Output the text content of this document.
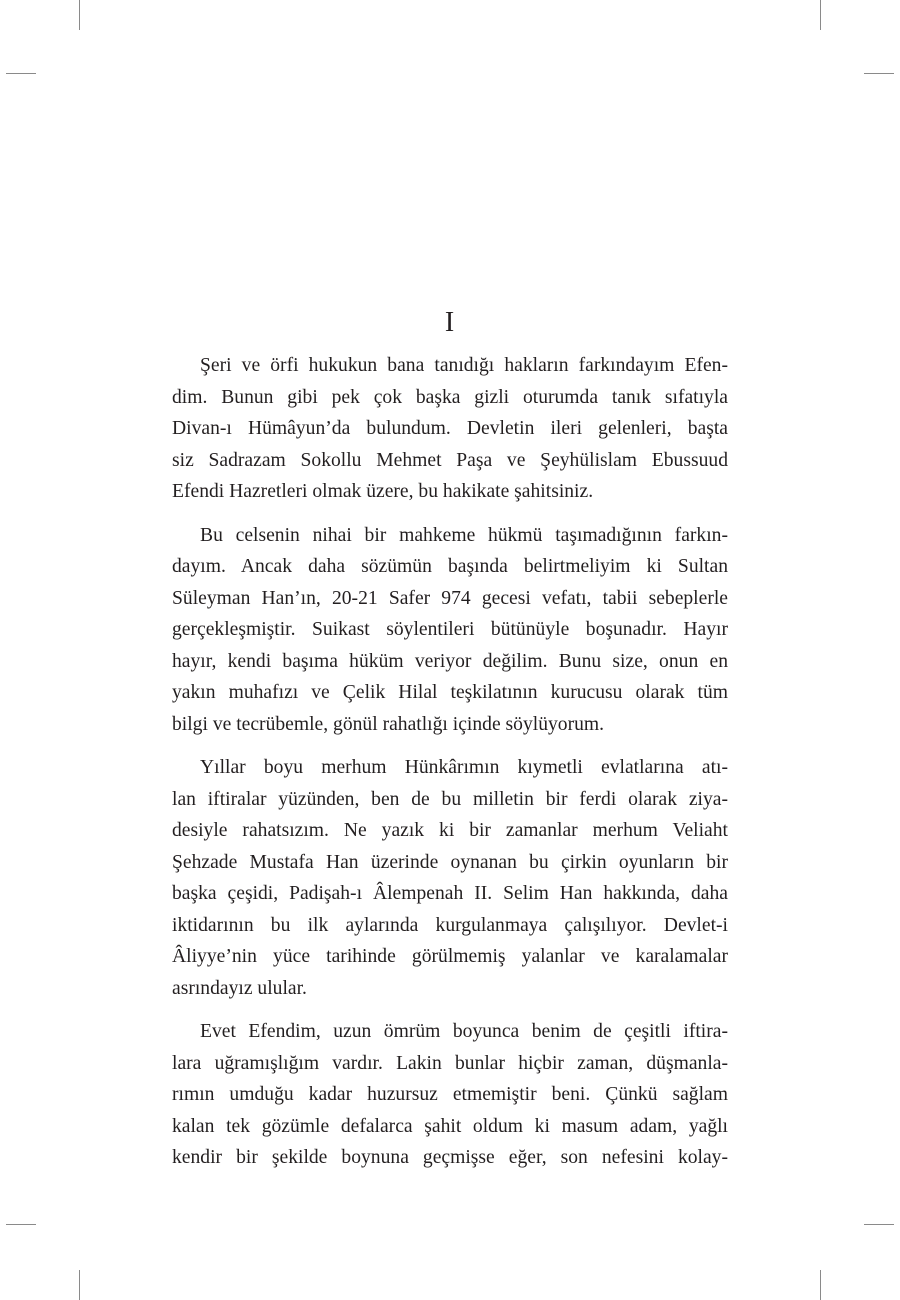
I
Şeri ve örfi hukukun bana tanıdığı hakların farkındayım Efen-
dim. Bunun gibi pek çok başka gizli oturumda tanık sıfatıyla
Divan-ı Hümâyun’da bulundum. Devletin ileri gelenleri, başta
siz Sadrazam Sokollu Mehmet Paşa ve Şeyhülislam Ebussuud
Efendi Hazretleri olmak üzere, bu hakikate şahitsiniz.
Bu celsenin nihai bir mahkeme hükmü taşımadığının farkın-
dayım. Ancak daha sözümün başında belirtmeliyim ki Sultan
Süleyman Han’ın, 20-21 Safer 974 gecesi vefatı, tabii sebeplerle
gerçekleşmiştir. Suikast söylentileri bütünüyle boşunadır. Hayır
hayır, kendi başıma hüküm veriyor değilim. Bunu size, onun en
yakın muhafızı ve Çelik Hilal teşkilatının kurucusu olarak tüm
bilgi ve tecrübemle, gönül rahatlığı içinde söylüyorum.
Yıllar boyu merhum Hünkârımın kıymetli evlatlarına atı-
lan iftiralar yüzünden, ben de bu milletin bir ferdi olarak ziya-
desiyle rahatsızım. Ne yazık ki bir zamanlar merhum Veliaht
Şehzade Mustafa Han üzerinde oynanan bu çirkin oyunların bir
başka çeşidi, Padişah-ı Âlempenah II. Selim Han hakkında, daha
iktidarının bu ilk aylarında kurgulanmaya çalışılıyor. Devlet-i
Âliyye’nin yüce tarihinde görülmemiş yalanlar ve karalamalar
asrındayız ulular.
Evet Efendim, uzun ömrüm boyunca benim de çeşitli iftira-
lara uğramışlığım vardır. Lakin bunlar hiçbir zaman, düşmanla-
rımın umduğu kadar huzursuz etmemiştir beni. Çünkü sağlam
kalan tek gözümle defalarca şahit oldum ki masum adam, yağlı
kendir bir şekilde boynuna geçmişse eğer, son nefesini kolay-
